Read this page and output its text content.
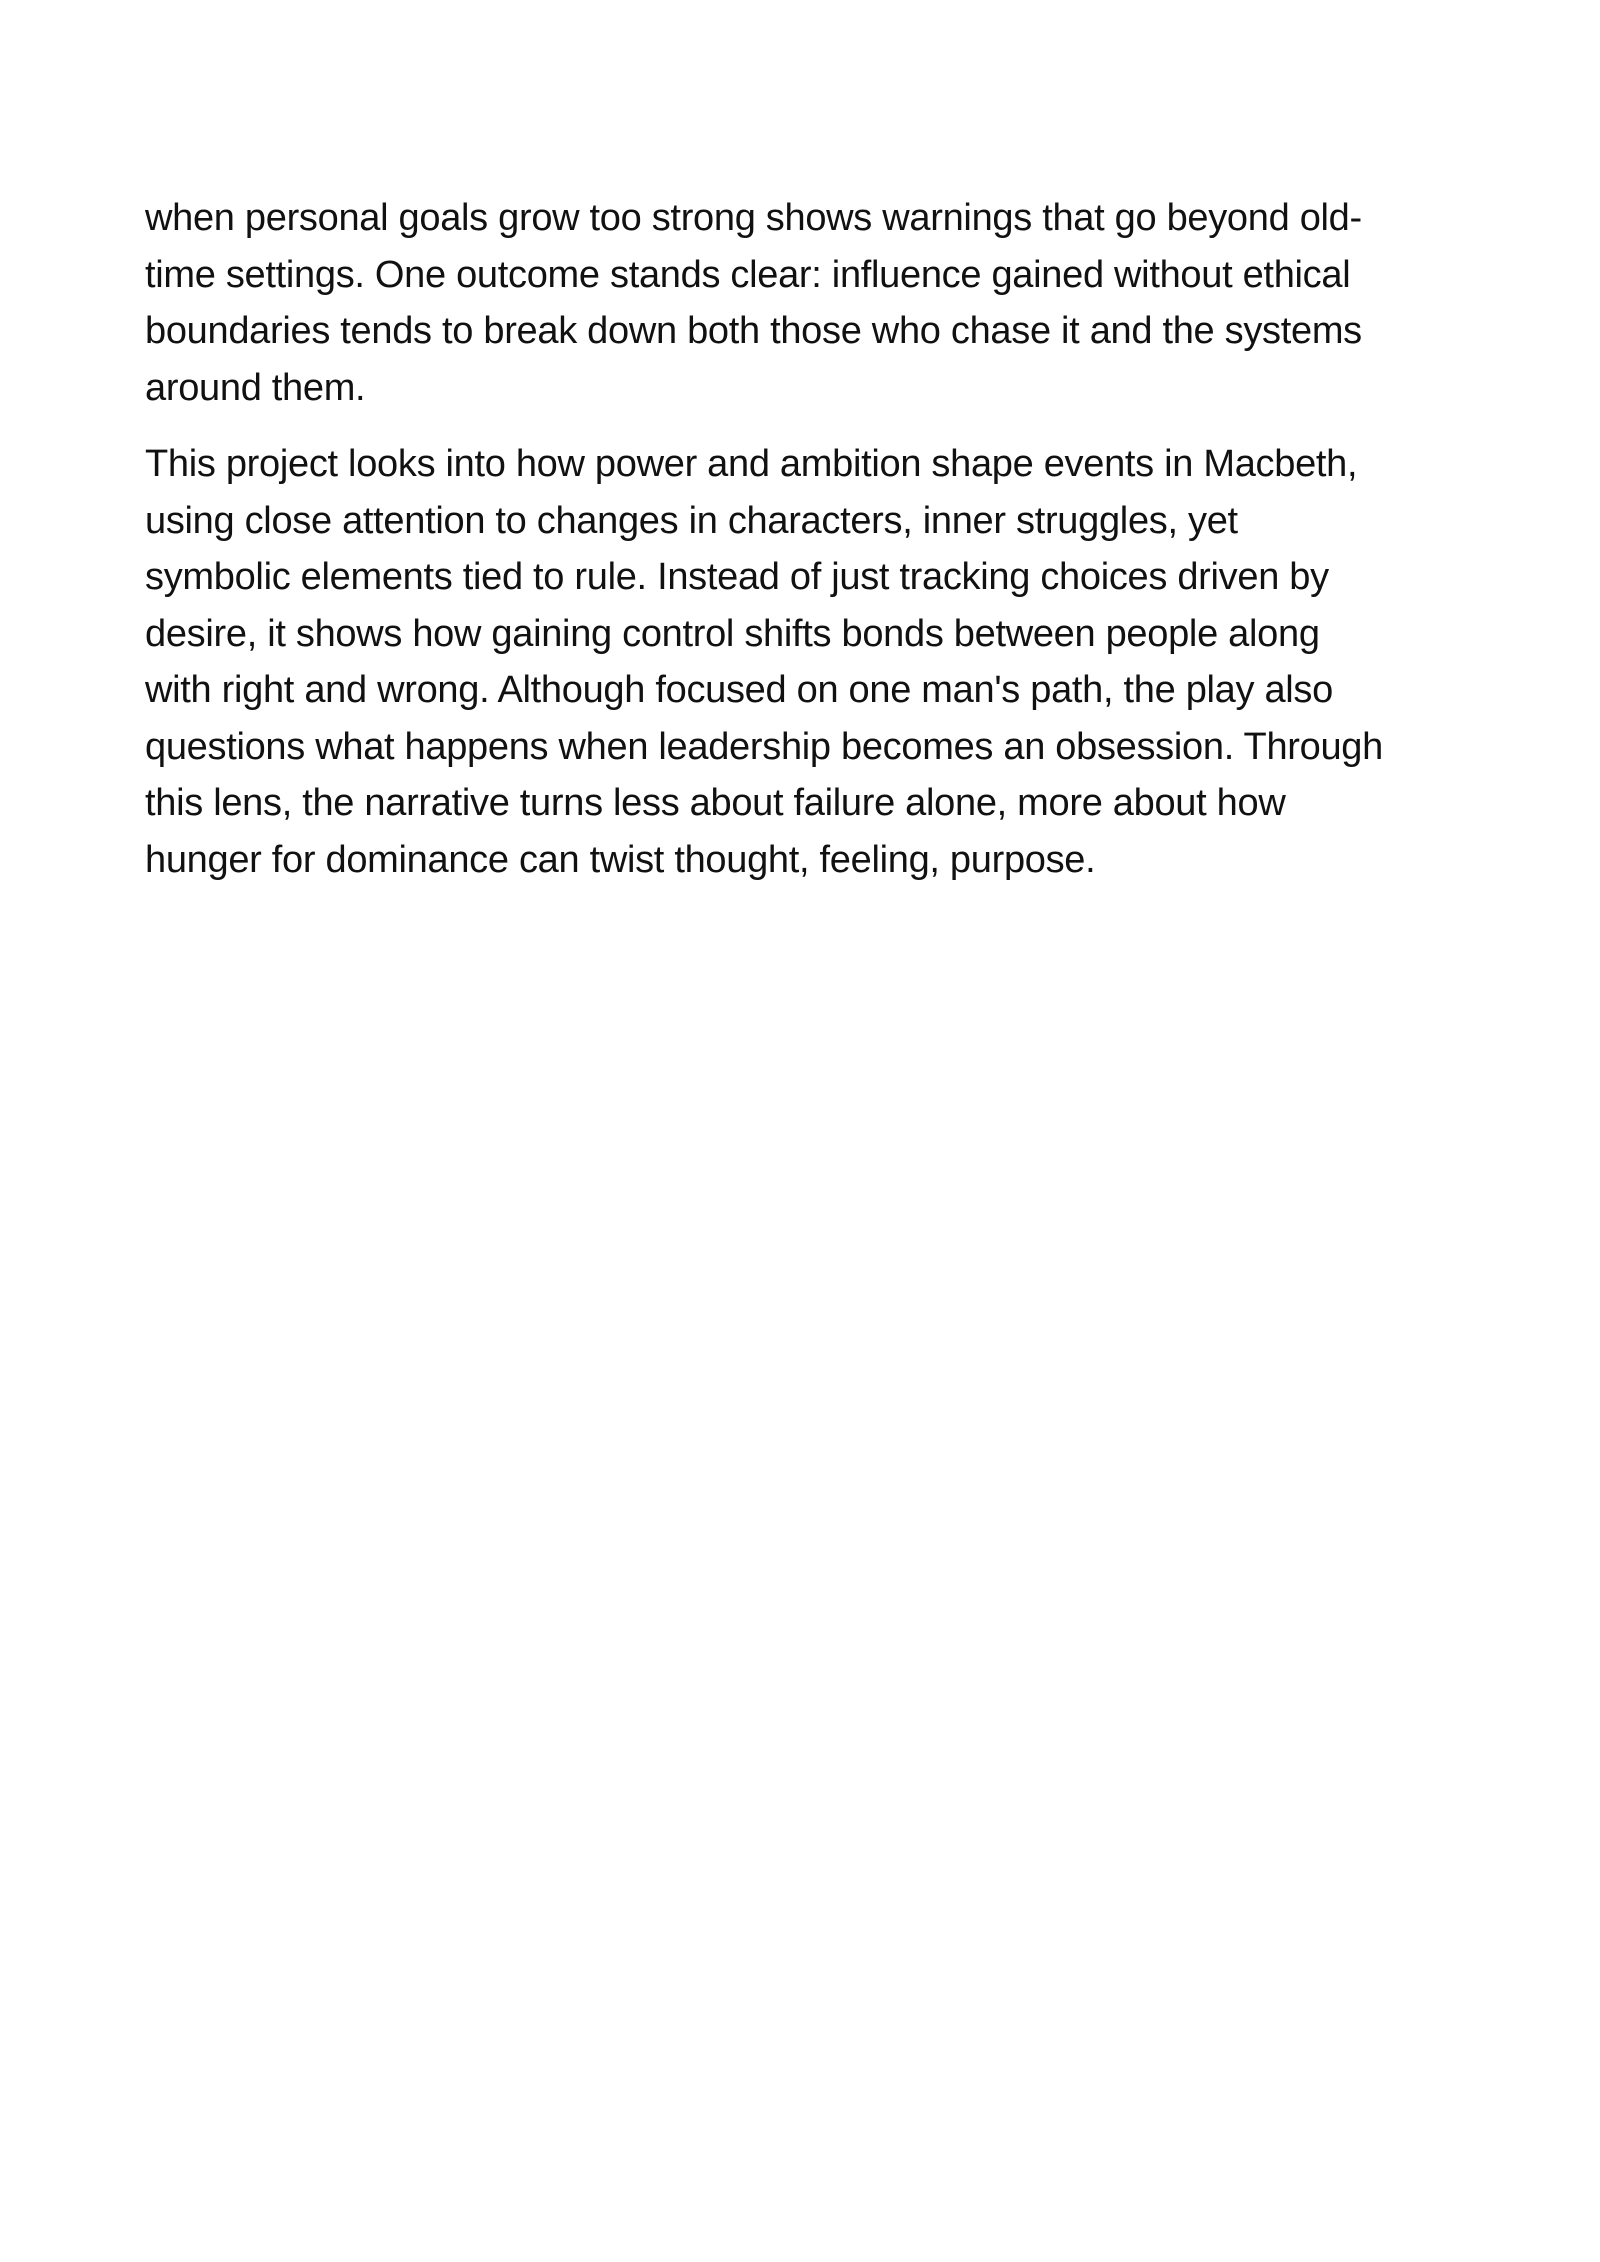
when personal goals grow too strong shows warnings that go beyond old-
time settings. One outcome stands clear: influence gained without ethical
boundaries tends to break down both those who chase it and the systems
around them.

This project looks into how power and ambition shape events in Macbeth,
using close attention to changes in characters, inner struggles, yet
symbolic elements tied to rule. Instead of just tracking choices driven by
desire, it shows how gaining control shifts bonds between people along
with right and wrong. Although focused on one man's path, the play also
questions what happens when leadership becomes an obsession. Through
this lens, the narrative turns less about failure alone, more about how
hunger for dominance can twist thought, feeling, purpose.
